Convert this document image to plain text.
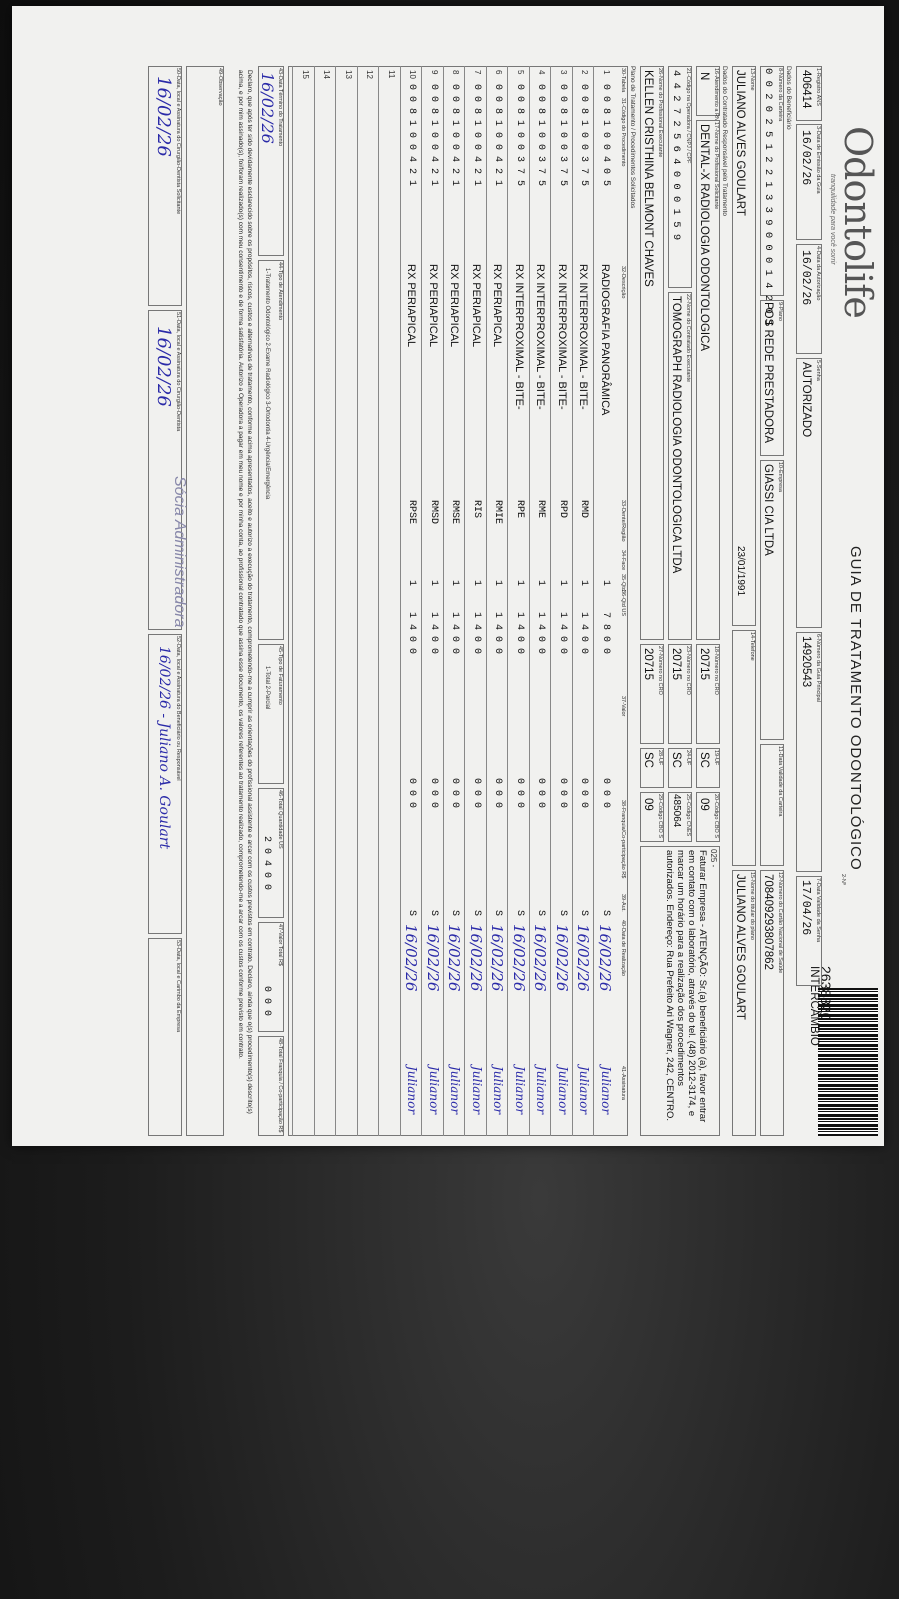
Odontolife
tranquilidade para você sorrir
GUIA DE TRATAMENTO ODONTOLÓGICO
2-Nº
2638820
INTERCÂMBIO
1-Registro ANS
406414
3-Data de Emissão da Guia
16/02/26
4-Data da Autorização
16/02/26
5-Senha
AUTORIZADO
6-Número da Guia Principal
14920543
7-Data Validade da Senha
17/04/26
Dados do Beneficiário
8-Número da Carteira
0 0 2 0 2 5 1 2 2 1 3 3 9 0 0 0 1 4 2 0 1 9-Plano
POS REDE PRESTADORA
10-Empresa
GIASSI CIA LTDA
11-Data Validade da Carteira
12-Número do Cartão Nacional de Saúde
708409293807862
13-Nome
JULIANO ALVES GOULART
23/01/1991
14-Telefone
15-Nome do titular do plano
JULIANO ALVES GOULART
Dados do Contratado Responsável pelo Tratamento
16-Atendimento a RN
N
17-Nome do Profissional Solicitante
DENTAL-X RADIOLOGIA ODONTOLOGICA
18-Número no CRO
20715
19-UF
SC
20-Código CBO S
09
21-Código na Operadora / CNPJ / CPF
4 4 2 7 2 5 6 4 0 0 0 1 5 9
22-Nome do Contratado Executante
TOMOGRAPH RADIOLOGIA ODONTOLOGICA LTDA
23-Número no CRO
20715
24-UF
SC
25-Código CNES
485064
26-Nome do Profissional Executante
KELLEN CRISTHINA BELMONT CHAVES
27-Número no CRO
20715
28-UF
SC
29-Código CBO S
09
025 -
Faturar Empresa - ATENÇÃO: Sr.(a) beneficiário (a), favor entrar em contato com o laboratório, através do tel. (48) 2012-3174, e marcar um horário para a realização dos procedimentos autorizados. Endereço: Rua Prefeito Ari Wagner, 242, CENTRO.
Plano de Tratamento / Procedimentos Solicitados
30-Tabela
31-Código do Procedimento
32-Descrição
33-Dente/Região
34-Face
35-Qtd
36-Qtd US
37-Valor
38-Franquia/Co-participação R$
39-Aut.
40-Data de Realização
41-Assinatura
1
0 0 8 1 0 0 4 0 5
RADIOGRAFIA PANORÂMICA
1
7 8 0 0
S
16/02/26
0 0 0
Julianor
2
0 0 8 1 0 0 3 7 5
RX INTERPROXIMAL - BITE-
RMD
1
1 4 0 0
S
16/02/26
0 0 0
Julianor
3
0 0 8 1 0 0 3 7 5
RX INTERPROXIMAL - BITE-
RPD
1
1 4 0 0
S
16/02/26
0 0 0
Julianor
4
0 0 8 1 0 0 3 7 5
RX INTERPROXIMAL - BITE-
RME
1
1 4 0 0
S
16/02/26
0 0 0
Julianor
5
0 0 8 1 0 0 3 7 5
RX INTERPROXIMAL - BITE-
RPE
1
1 4 0 0
S
16/02/26
0 0 0
Julianor
6
0 0 8 1 0 0 4 2 1
RX PERIAPICAL
RMIE
1
1 4 0 0
S
16/02/26
0 0 0
Julianor
7
0 0 8 1 0 0 4 2 1
RX PERIAPICAL
RIS
1
1 4 0 0
S
16/02/26
0 0 0
Julianor
8
0 0 8 1 0 0 4 2 1
RX PERIAPICAL
RMSE
1
1 4 0 0
S
16/02/26
0 0 0
Julianor
9
0 0 8 1 0 0 4 2 1
RX PERIAPICAL
RMSD
1
1 4 0 0
S
16/02/26
0 0 0
Julianor
10
0 0 8 1 0 0 4 2 1
RX PERIAPICAL
RPSE
1
1 4 0 0
S
16/02/26
0 0 0
Julianor
11
12
13
14
15
43-Data Término do Tratamento
16/02/26
44-Tipo de Atendimento
1-Tratamento Odontológico 2-Exame Radiológico 3-Ortodontia 4-Urgência/Emergência
45-Tipo de Faturamento
1-Total 2-Parcial
46-Total Quantidade US
2 0 4 0 0
47-Valor Total R$
0 0 0
48-Total Franquia / Co-participação R$
Declaro, que após ter sido devidamente esclarecido sobre os propósitos, riscos, custos e alternativas de tratamento, conforme acima apresentados, aceito e autorizo a execução do tratamento, comprometendo-me a cumprir as orientações do profissional assistente e arcar com os custos previstos em contrato. Declaro, ainda que o(s) procedimento(s) descrito(s) acima, e por mim assinado(s), foi/foram realizado(s) com meu consentimento e de forma satisfatória. Autorizo a Operadora a pagar em meu nome e por minha conta, ao profissional contratado que assina esse documento, os valores referentes ao tratamento realizado, comprometendo-me a arcar com os custos conforme previsto em contrato.
49-Observação
50-Data, local e Assinatura do Cirurgião-Dentista Solicitante
16/02/26
51-Data, local e Assinatura do Cirurgião-Dentista
16/02/26
Sócia Administradora
52-Data, local e Assinatura do Beneficiário ou Responsável
16/02/26 - Juliano A. Goulart
53-Data, local e Carimbo da Empresa
